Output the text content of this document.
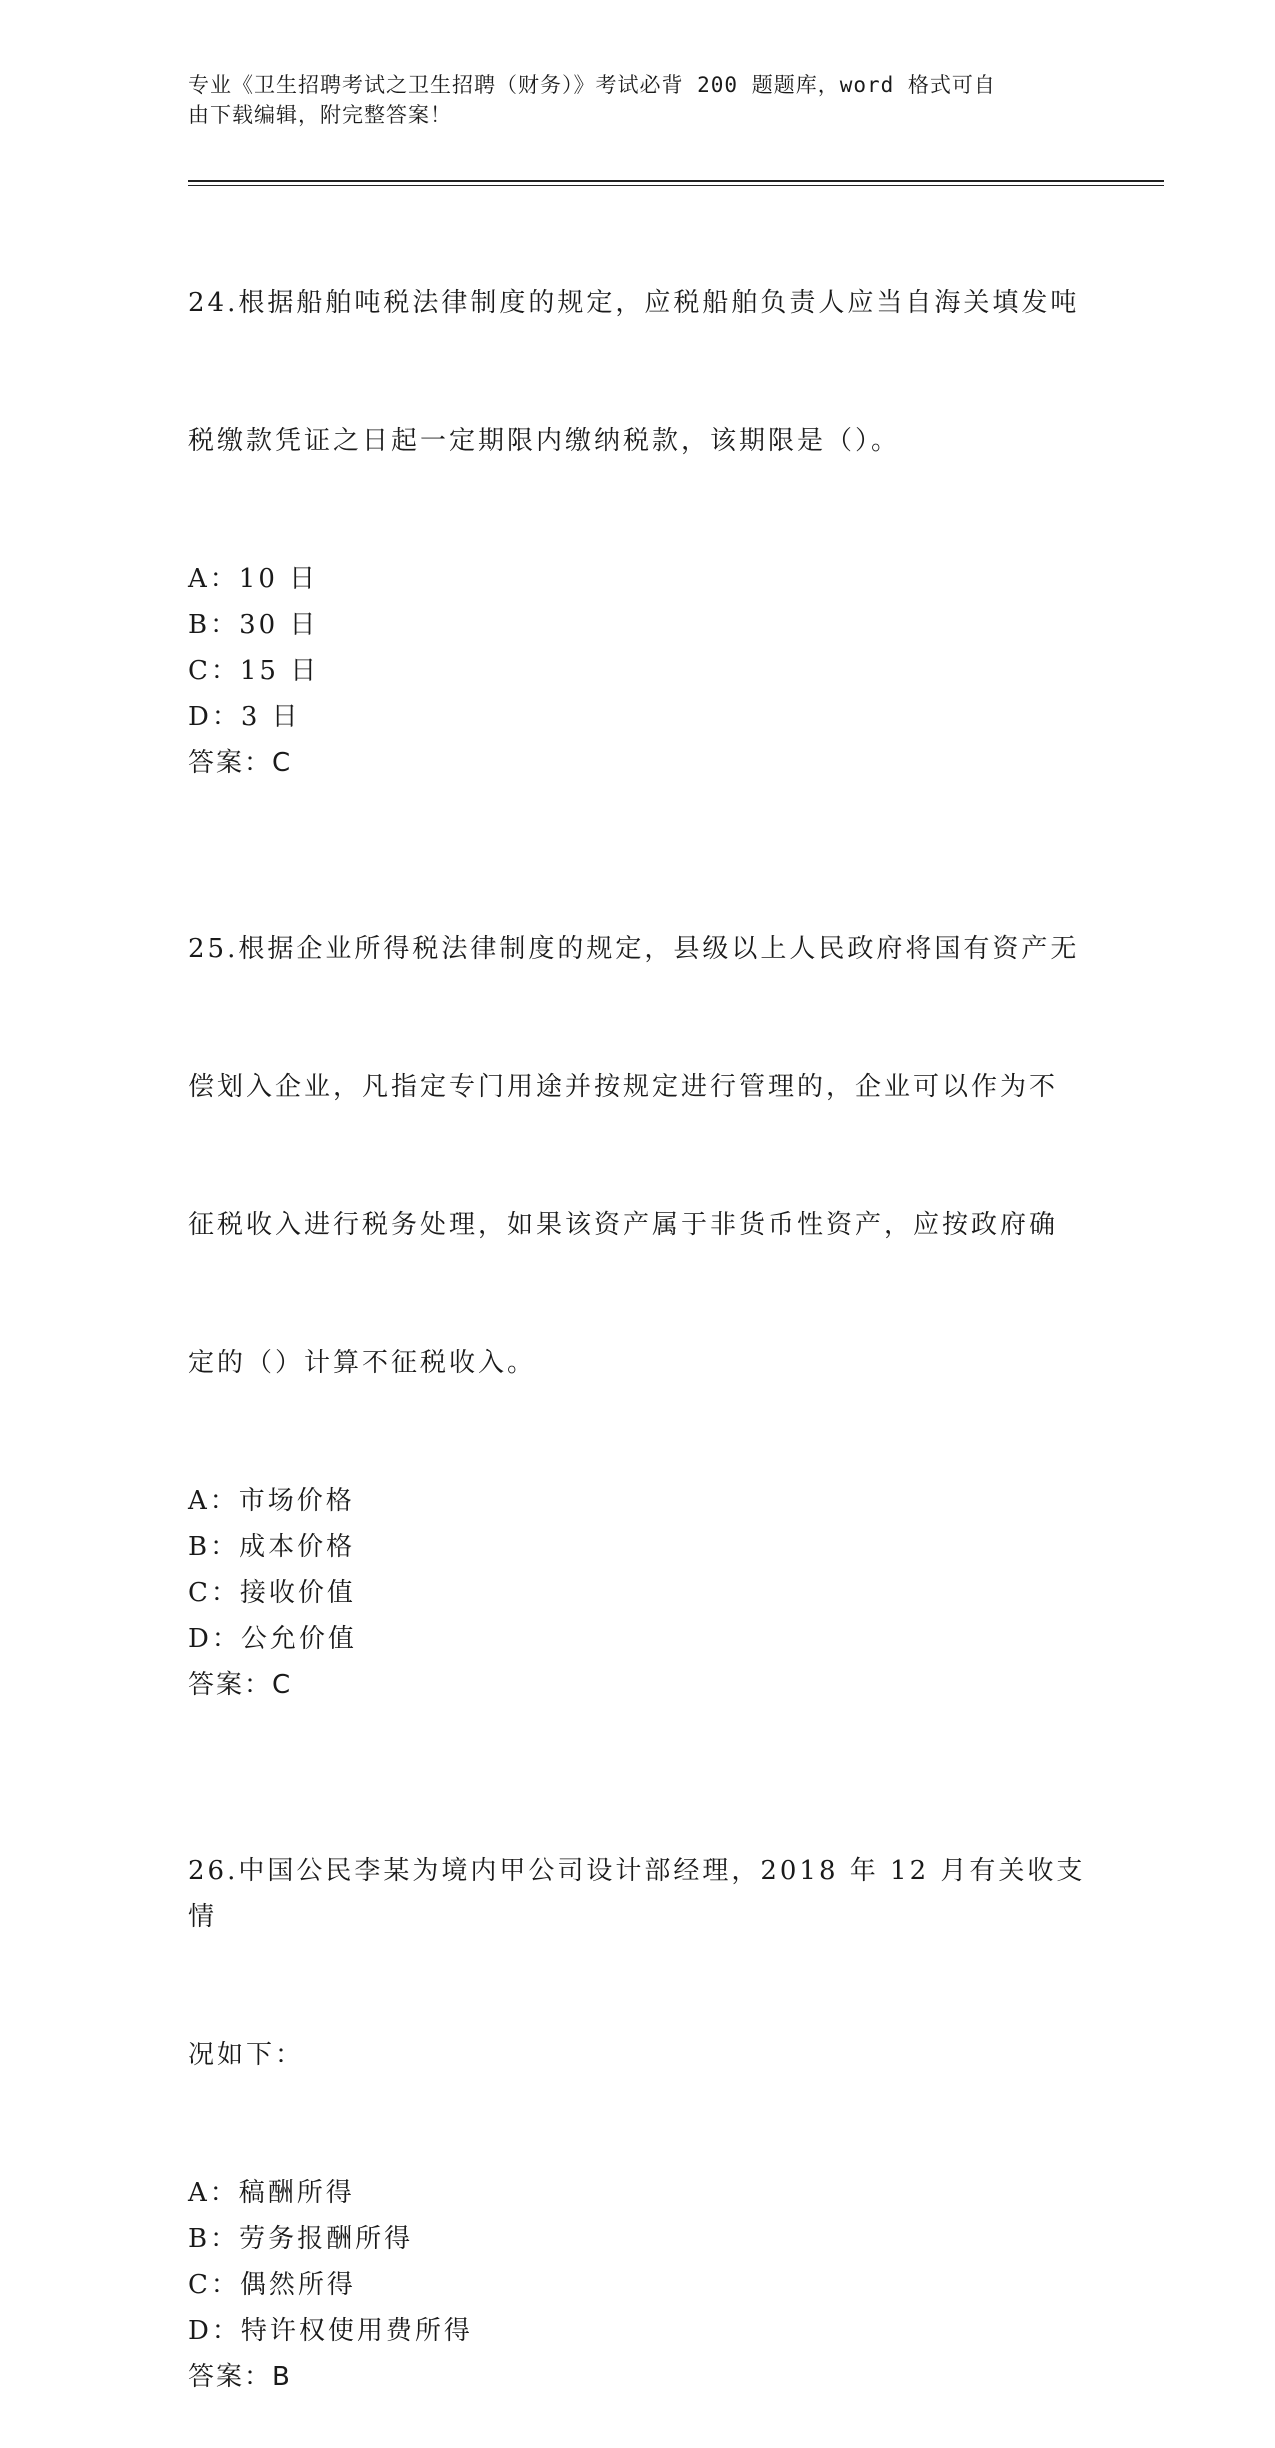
专业《卫生招聘考试之卫生招聘（财务）》考试必背 200 题题库，word 格式可自
由下载编辑，附完整答案！

24.根据船舶吨税法律制度的规定，应税船舶负责人应当自海关填发吨

税缴款凭证之日起一定期限内缴纳税款，该期限是（）。

A：10 日
B：30 日
C：15 日
D：3 日
答案：C

25.根据企业所得税法律制度的规定，县级以上人民政府将国有资产无

偿划入企业，凡指定专门用途并按规定进行管理的，企业可以作为不

征税收入进行税务处理，如果该资产属于非货币性资产，应按政府确

定的（）计算不征税收入。

A：市场价格
B：成本价格
C：接收价值
D：公允价值
答案：C

26.中国公民李某为境内甲公司设计部经理，2018 年 12 月有关收支情

况如下：

A：稿酬所得
B：劳务报酬所得
C：偶然所得
D：特许权使用费所得
答案：B
